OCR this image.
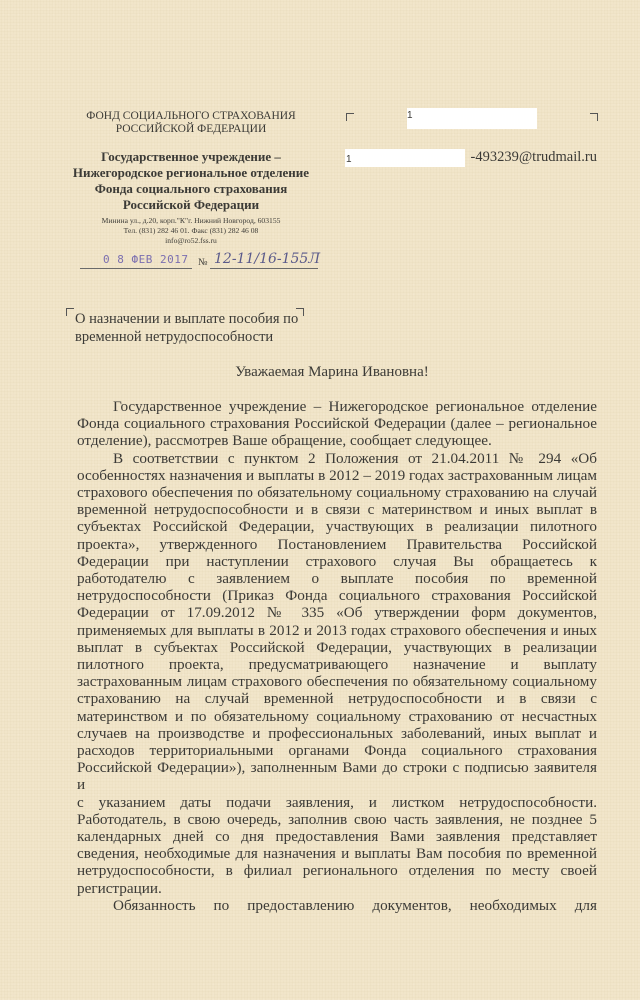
ФОНД СОЦИАЛЬНОГО СТРАХОВАНИЯ
РОССИЙСКОЙ ФЕДЕРАЦИИ
Государственное учреждение –
Нижегородское региональное отделение
Фонда социального страхования
Российской Федерации
Минина ул., д.20, корп."К"г. Нижний Новгород, 603155
Тел. (831) 282 46 01. Факс (831) 282 46 08
info@ro52.fss.ru
0 8 ФЕВ 2017 № 12-11/16-155Л
1
1	-493239@trudmail.ru
О назначении и выплате пособия по
временной нетрудоспособности
Уважаемая Марина Ивановна!
Государственное учреждение – Нижегородское региональное отделение
Фонда социального страхования Российской Федерации (далее – региональное
отделение), рассмотрев Ваше обращение, сообщает следующее.
В соответствии с пунктом 2 Положения от 21.04.2011 № 294 «Об
особенностях назначения и выплаты в 2012 – 2019 годах застрахованным лицам
страхового обеспечения по обязательному социальному страхованию на случай
временной нетрудоспособности и в связи с материнством и иных выплат в
субъектах Российской Федерации, участвующих в реализации пилотного
проекта», утвержденного Постановлением Правительства Российской
Федерации при наступлении страхового случая Вы обращаетесь к
работодателю с заявлением о выплате пособия по временной
нетрудоспособности (Приказ Фонда социального страхования Российской
Федерации от 17.09.2012 № 335 «Об утверждении форм документов,
применяемых для выплаты в 2012 и 2013 годах страхового обеспечения и иных
выплат в субъектах Российской Федерации, участвующих в реализации
пилотного проекта, предусматривающего назначение и выплату
застрахованным лицам страхового обеспечения по обязательному социальному
страхованию на случай временной нетрудоспособности и в связи с
материнством и по обязательному социальному страхованию от несчастных
случаев на производстве и профессиональных заболеваний, иных выплат и
расходов территориальными органами Фонда социального страхования
Российской Федерации»), заполненным Вами до строки с подписью заявителя и
с указанием даты подачи заявления, и листком нетрудоспособности.
Работодатель, в свою очередь, заполнив свою часть заявления, не позднее 5
календарных дней со дня предоставления Вами заявления представляет
сведения, необходимые для назначения и выплаты Вам пособия по временной
нетрудоспособности, в филиал регионального отделения по месту своей
регистрации.
Обязанность по предоставлению документов, необходимых для
